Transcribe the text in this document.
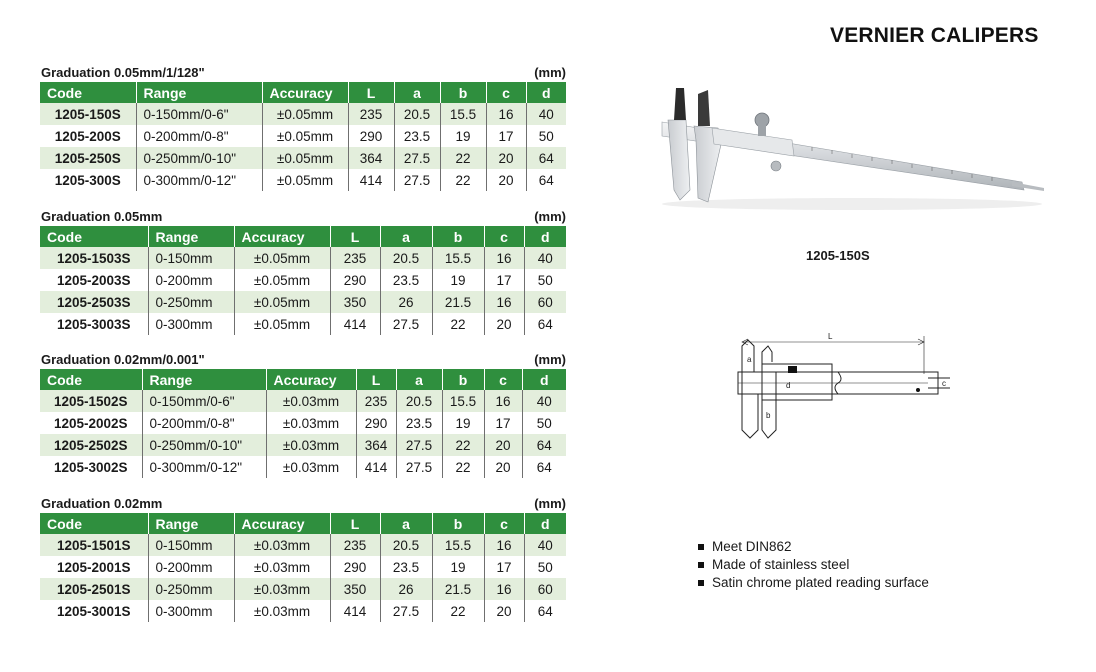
VERNIER CALIPERS
Graduation 0.05mm/1/128"	(mm)
Code	Range	Accuracy	L	a	b	c	d
1205-150S	0-150mm/0-6"	±0.05mm	235	20.5	15.5	16	40
1205-200S	0-200mm/0-8"	±0.05mm	290	23.5	19	17	50
1205-250S	0-250mm/0-10"	±0.05mm	364	27.5	22	20	64
1205-300S	0-300mm/0-12"	±0.05mm	414	27.5	22	20	64
Graduation 0.05mm	(mm)
Code	Range	Accuracy	L	a	b	c	d
1205-1503S	0-150mm	±0.05mm	235	20.5	15.5	16	40
1205-2003S	0-200mm	±0.05mm	290	23.5	19	17	50
1205-2503S	0-250mm	±0.05mm	350	26	21.5	16	60
1205-3003S	0-300mm	±0.05mm	414	27.5	22	20	64
Graduation 0.02mm/0.001"	(mm)
Code	Range	Accuracy	L	a	b	c	d
1205-1502S	0-150mm/0-6"	±0.03mm	235	20.5	15.5	16	40
1205-2002S	0-200mm/0-8"	±0.03mm	290	23.5	19	17	50
1205-2502S	0-250mm/0-10"	±0.03mm	364	27.5	22	20	64
1205-3002S	0-300mm/0-12"	±0.03mm	414	27.5	22	20	64
Graduation 0.02mm	(mm)
Code	Range	Accuracy	L	a	b	c	d
1205-1501S	0-150mm	±0.03mm	235	20.5	15.5	16	40
1205-2001S	0-200mm	±0.03mm	290	23.5	19	17	50
1205-2501S	0-250mm	±0.03mm	350	26	21.5	16	60
1205-3001S	0-300mm	±0.03mm	414	27.5	22	20	64
1205-150S
L
a
b
c
d
Meet DIN862
Made of stainless steel
Satin chrome plated reading surface
